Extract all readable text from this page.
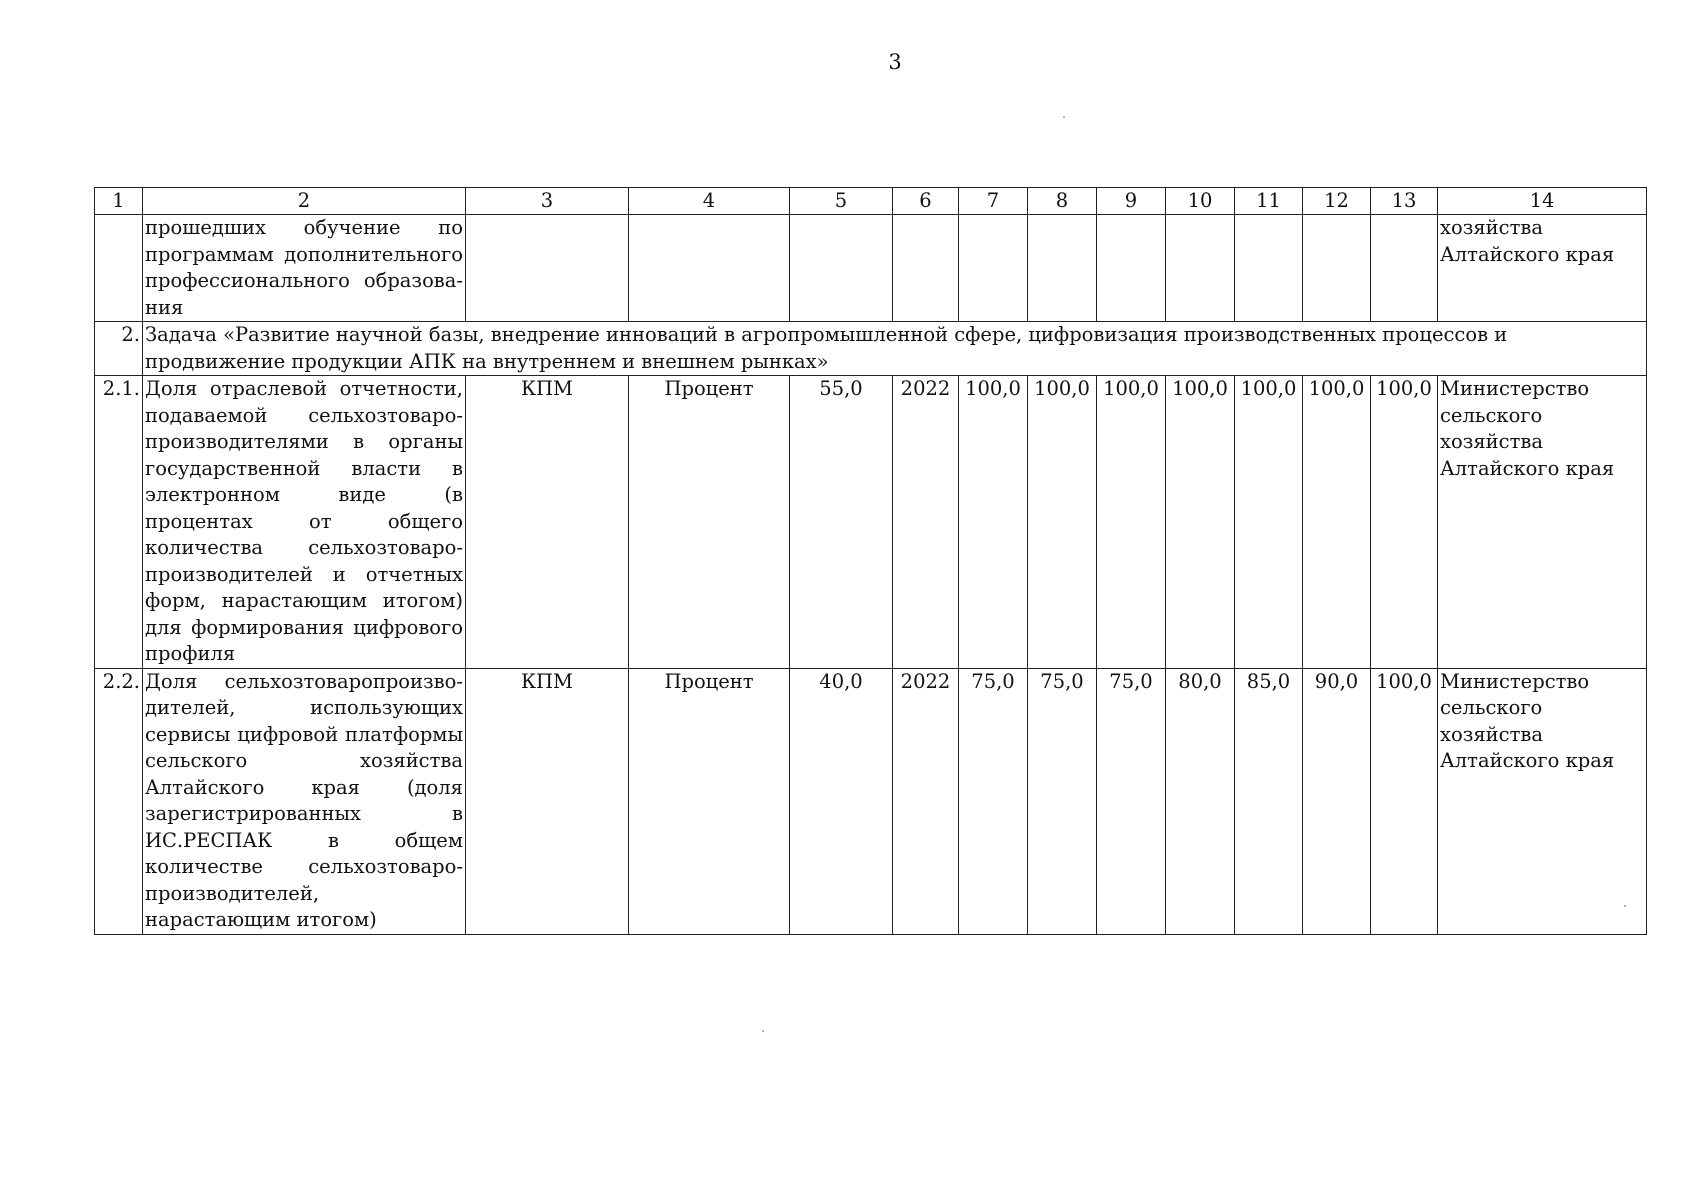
3
1	2	3	4	5	6	7	8	9	10	11	12	13	14
	прошедших обучение по программам дополнительного профессионального образова-ния												хозяйства Алтайского края
2.	Задача «Развитие научной базы, внедрение инноваций в агропромышленной сфере, цифровизация производственных процессов и продвижение продукции АПК на внутреннем и внешнем рынках»												
2.1.	Доля отраслевой отчетности, подаваемой сельхозтоваро-производителями в органы государственной власти в электронном виде (в процентах от общего количества сельхозтоваро-производителей и отчетных форм, нарастающим итогом) для формирования цифрового профиля	КПМ	Процент	55,0	2022	100,0	100,0	100,0	100,0	100,0	100,0	100,0	Министерство сельского хозяйства Алтайского края
2.2.	Доля сельхозтоваропроизво-дителей, использующих сервисы цифровой платформы сельского хозяйства Алтайского края (доля зарегистрированных в ИС.РЕСПАК в общем количестве сельхозтоваро-производителей, нарастающим итогом)	КПМ	Процент	40,0	2022	75,0	75,0	75,0	80,0	85,0	90,0	100,0	Министерство сельского хозяйства Алтайского края
